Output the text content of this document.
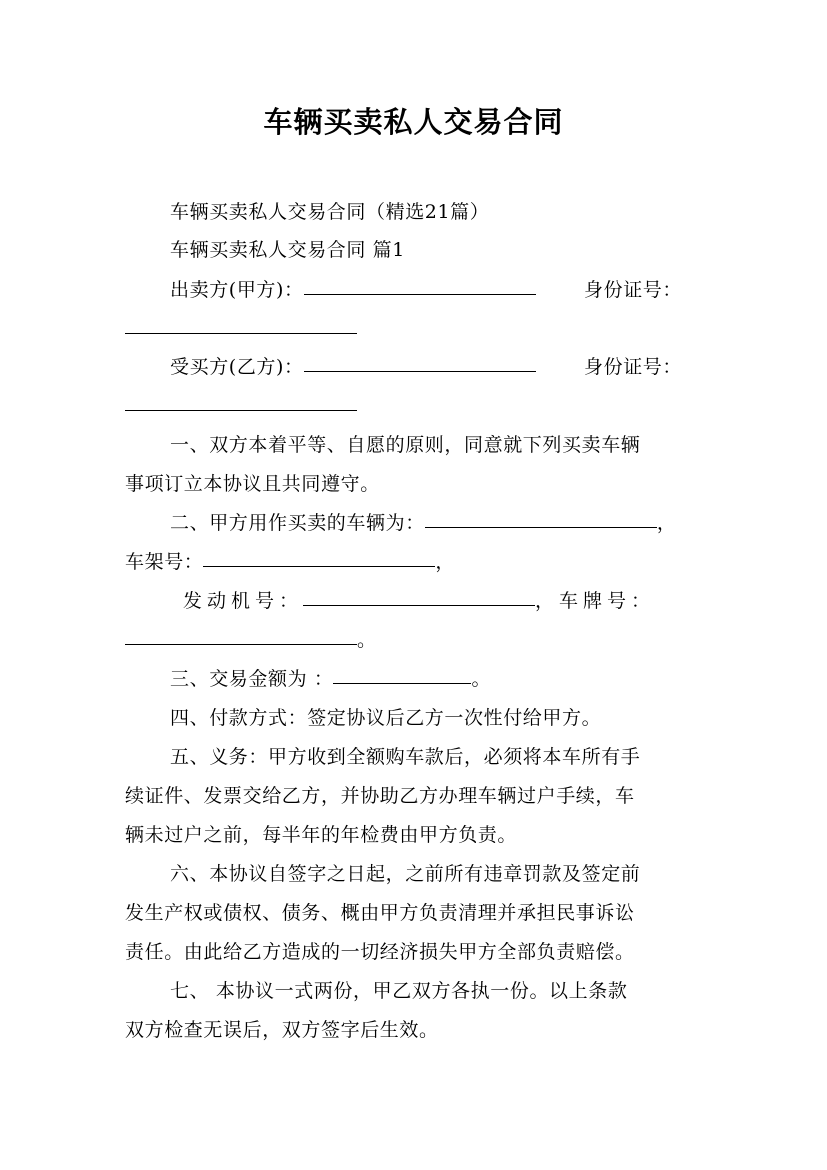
车辆买卖私人交易合同
车辆买卖私人交易合同（精选21篇）
车辆买卖私人交易合同 篇1
出卖方(甲方)：	身份证号：
受买方(乙方)：	身份证号：
一、双方本着平等、自愿的原则，同意就下列买卖车辆
事项订立本协议且共同遵守。
二、甲方用作买卖的车辆为：	，
车架号：	，
发动机号：	，车牌号：
。
三、交易金额为 ：	。
四、付款方式：签定协议后乙方一次性付给甲方。
五、义务：甲方收到全额购车款后，必须将本车所有手
续证件、发票交给乙方，并协助乙方办理车辆过户手续，车
辆未过户之前，每半年的年检费由甲方负责。
六、本协议自签字之日起，之前所有违章罚款及签定前
发生产权或债权、债务、概由甲方负责清理并承担民事诉讼
责任。由此给乙方造成的一切经济损失甲方全部负责赔偿。
七、 本协议一式两份，甲乙双方各执一份。以上条款
双方检查无误后，双方签字后生效。
